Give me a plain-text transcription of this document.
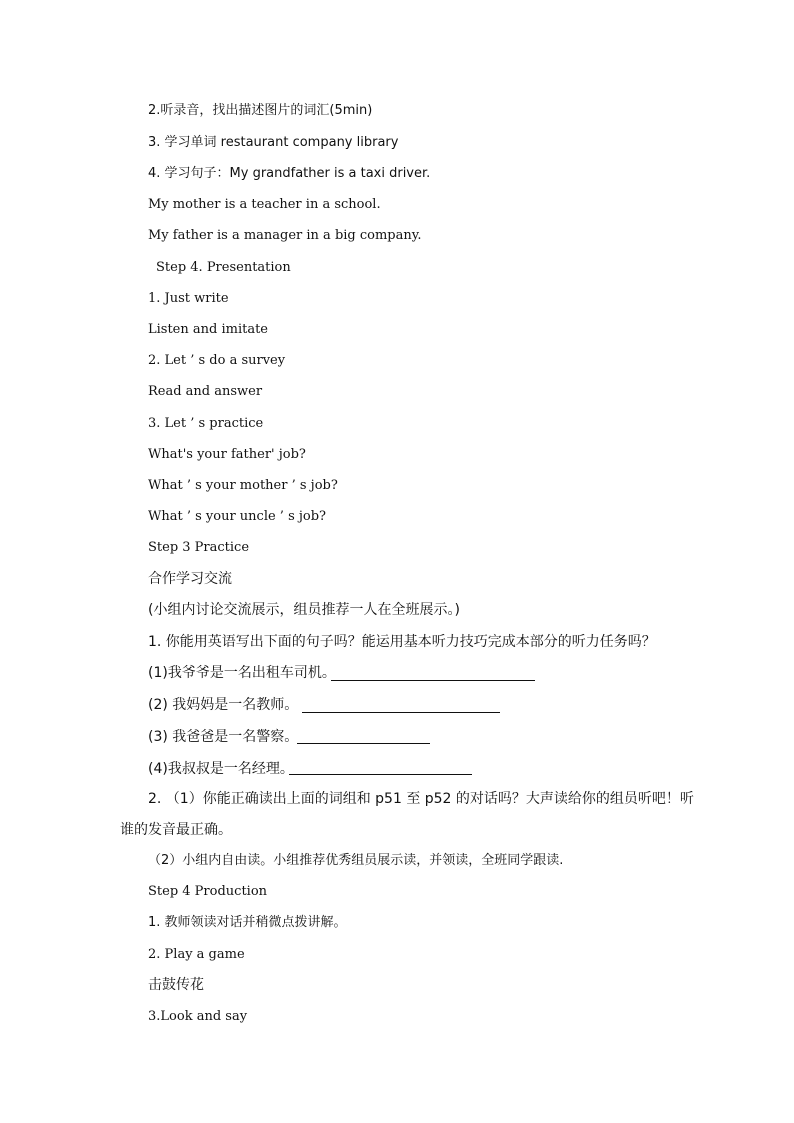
2.听录音，找出描述图片的词汇(5min)
3. 学习单词 restaurant company library
4. 学习句子：My grandfather is a taxi driver.
My mother is a teacher in a school.
My father is a manager in a big company.
Step 4. Presentation
1. Just write
Listen and imitate
2. Let ’ s do a survey
Read and answer
3. Let ’ s practice
What's your father' job?
What ’ s your mother ’ s job?
What ’ s your uncle ’ s job?
Step 3 Practice
合作学习交流
(小组内讨论交流展示，组员推荐一人在全班展示。)
1. 你能用英语写出下面的句子吗？能运用基本听力技巧完成本部分的听力任务吗？
(1)我爷爷是一名出租车司机。
(2) 我妈妈是一名教师。
(3) 我爸爸是一名警察。
(4)我叔叔是一名经理。
2. （1）你能正确读出上面的词组和 p51 至 p52 的对话吗？大声读给你的组员听吧！听
谁的发音最正确。
（2）小组内自由读。小组推荐优秀组员展示读，并领读，全班同学跟读.
Step 4 Production
1. 教师领读对话并稍微点拨讲解。
2. Play a game
击鼓传花
3.Look and say
